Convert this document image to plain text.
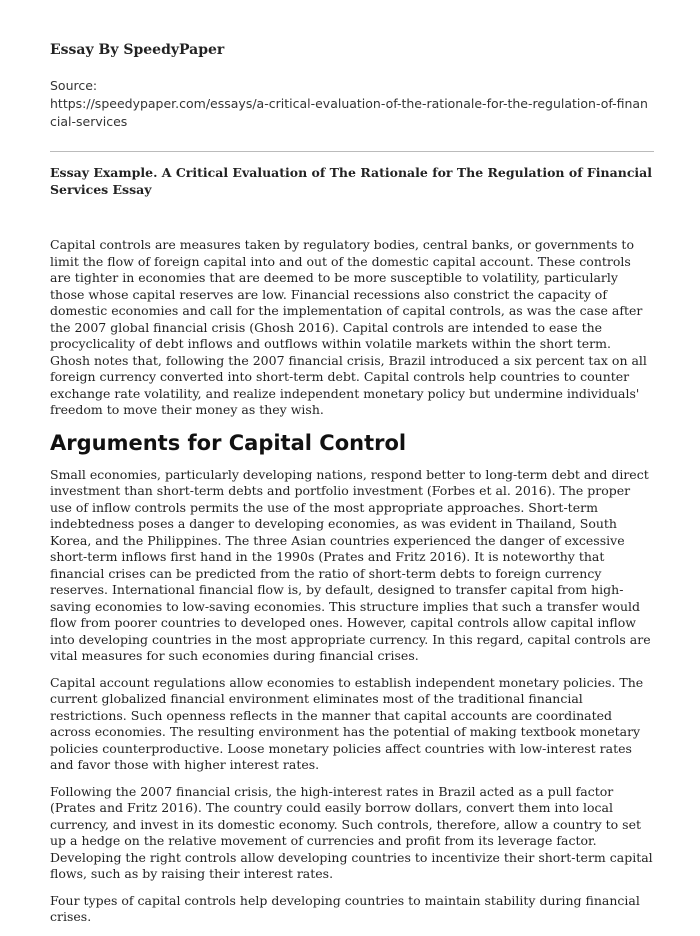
Essay By SpeedyPaper
Source:
https://speedypaper.com/essays/a-critical-evaluation-of-the-rationale-for-the-regulation-of-financial-services
Essay Example. A Critical Evaluation of The Rationale for The Regulation of Financial Services Essay

Capital controls are measures taken by regulatory bodies, central banks, or governments to limit the flow of foreign capital into and out of the domestic capital account. These controls are tighter in economies that are deemed to be more susceptible to volatility, particularly those whose capital reserves are low. Financial recessions also constrict the capacity of domestic economies and call for the implementation of capital controls, as was the case after the 2007 global financial crisis (Ghosh 2016). Capital controls are intended to ease the procyclicality of debt inflows and outflows within volatile markets within the short term. Ghosh notes that, following the 2007 financial crisis, Brazil introduced a six percent tax on all foreign currency converted into short-term debt. Capital controls help countries to counter exchange rate volatility, and realize independent monetary policy but undermine individuals' freedom to move their money as they wish.

Arguments for Capital Control

Small economies, particularly developing nations, respond better to long-term debt and direct investment than short-term debts and portfolio investment (Forbes et al. 2016). The proper use of inflow controls permits the use of the most appropriate approaches. Short-term indebtedness poses a danger to developing economies, as was evident in Thailand, South Korea, and the Philippines. The three Asian countries experienced the danger of excessive short-term inflows first hand in the 1990s (Prates and Fritz 2016). It is noteworthy that financial crises can be predicted from the ratio of short-term debts to foreign currency reserves. International financial flow is, by default, designed to transfer capital from high-saving economies to low-saving economies. This structure implies that such a transfer would flow from poorer countries to developed ones. However, capital controls allow capital inflow into developing countries in the most appropriate currency. In this regard, capital controls are vital measures for such economies during financial crises.

Capital account regulations allow economies to establish independent monetary policies. The current globalized financial environment eliminates most of the traditional financial restrictions. Such openness reflects in the manner that capital accounts are coordinated across economies. The resulting environment has the potential of making textbook monetary policies counterproductive. Loose monetary policies affect countries with low-interest rates and favor those with higher interest rates.

Following the 2007 financial crisis, the high-interest rates in Brazil acted as a pull factor (Prates and Fritz 2016). The country could easily borrow dollars, convert them into local currency, and invest in its domestic economy. Such controls, therefore, allow a country to set up a hedge on the relative movement of currencies and profit from its leverage factor. Developing the right controls allow developing countries to incentivize their short-term capital flows, such as by raising their interest rates.

Four types of capital controls help developing countries to maintain stability during financial crises.
